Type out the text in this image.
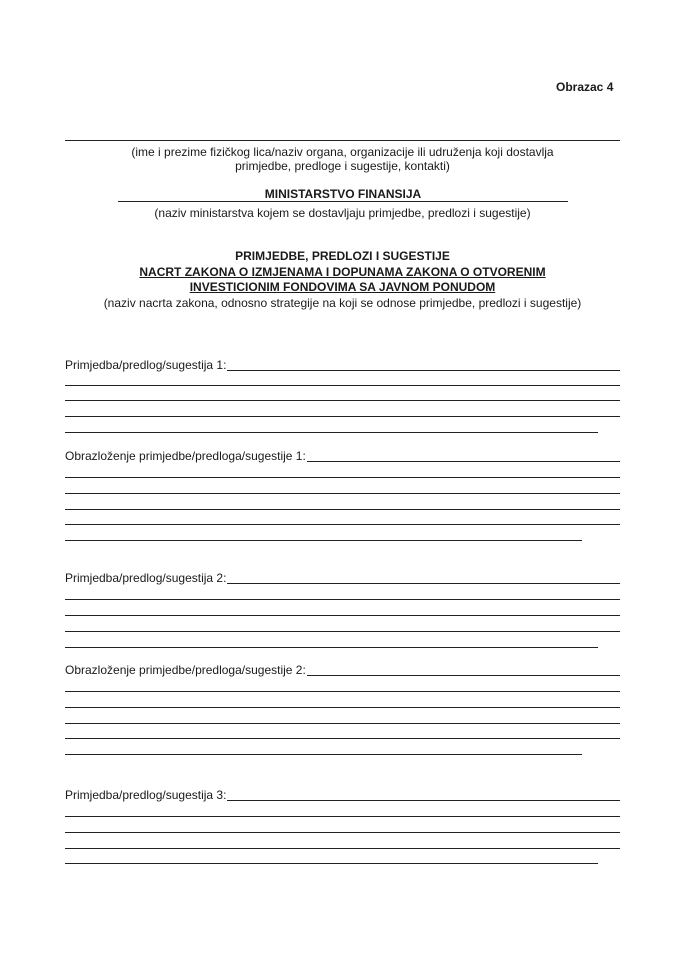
Obrazac 4
(ime i prezime fizičkog lica/naziv organa, organizacije ili udruženja koji dostavlja
primjedbe, predloge i sugestije, kontakti)
MINISTARSTVO FINANSIJA
(naziv ministarstva kojem se dostavljaju primjedbe, predlozi i sugestije)
PRIMJEDBE, PREDLOZI I SUGESTIJE
NACRT ZAKONA O IZMJENAMA I DOPUNAMA ZAKONA O OTVORENIM
INVESTICIONIM FONDOVIMA SA JAVNOM PONUDOM
(naziv nacrta zakona, odnosno strategije na koji se odnose primjedbe, predlozi i sugestije)
Primjedba/predlog/sugestija 1:
Obrazloženje primjedbe/predloga/sugestije 1:
Primjedba/predlog/sugestija 2:
Obrazloženje primjedbe/predloga/sugestije 2:
Primjedba/predlog/sugestija 3:
